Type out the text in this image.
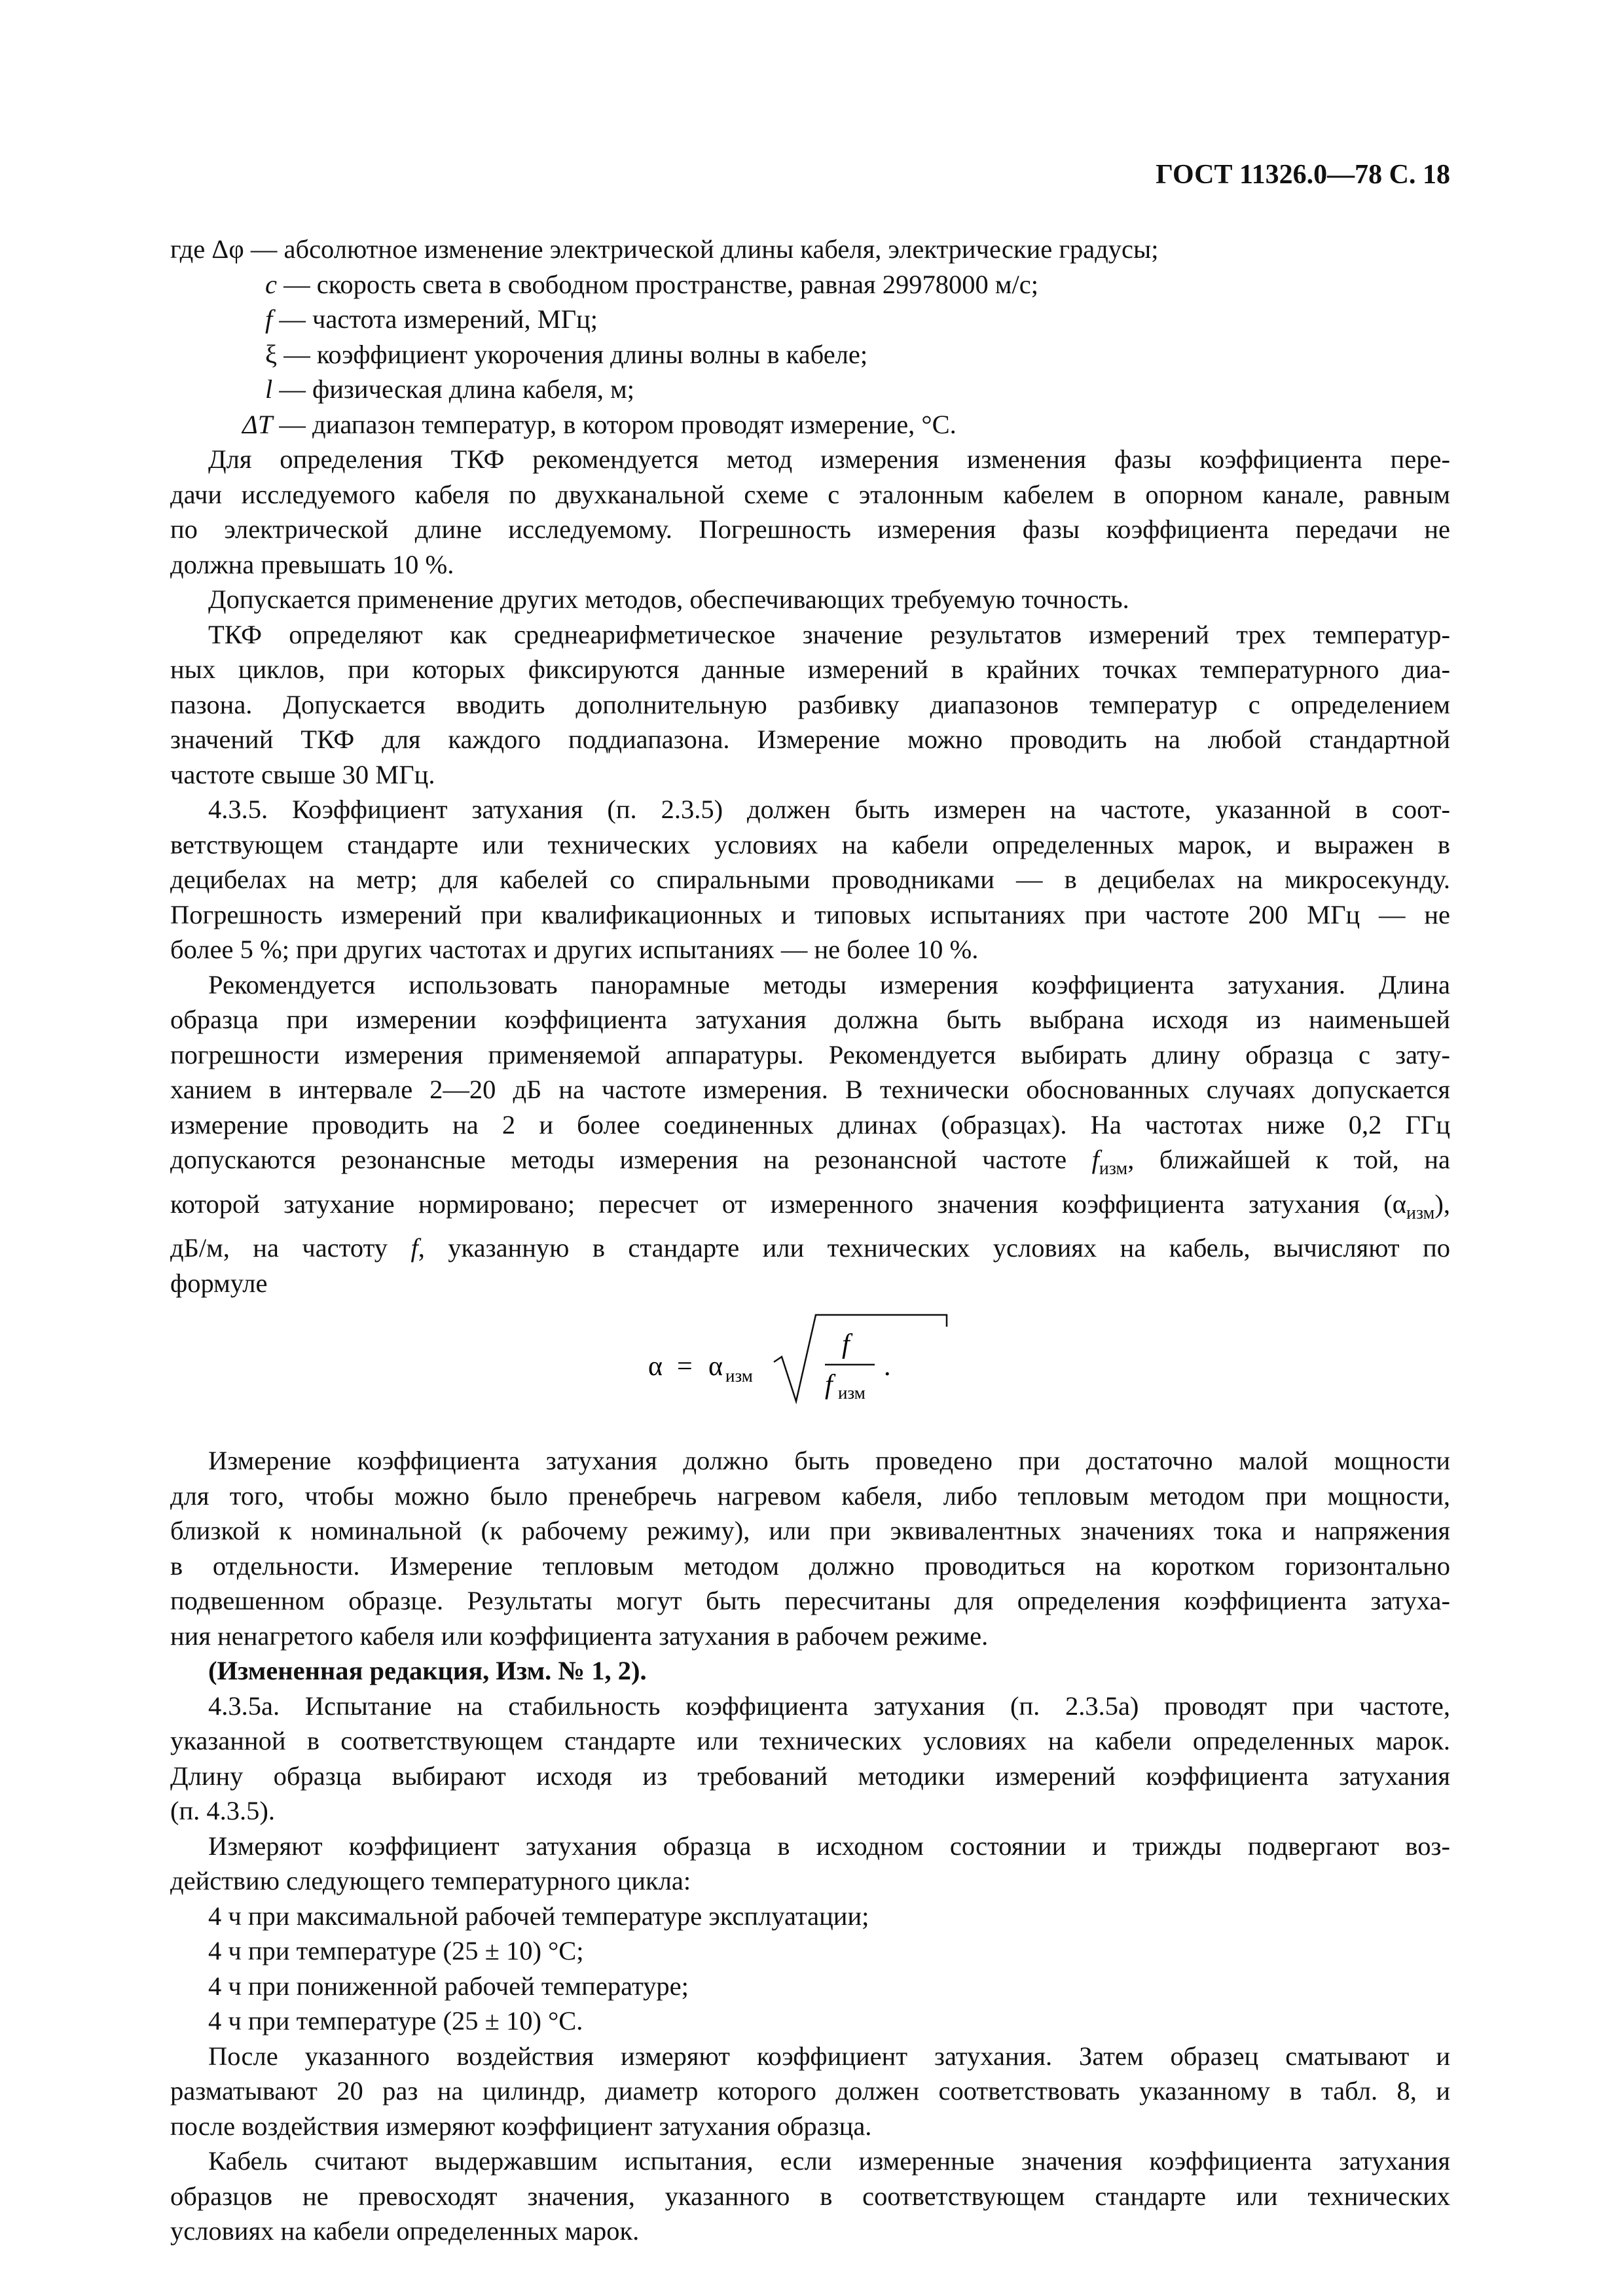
ГОСТ 11326.0—78 С. 18

где Δφ — абсолютное изменение электрической длины кабеля, электрические градусы;

c — скорость света в свободном пространстве, равная 29978000 м/с;

f — частота измерений, МГц;

ξ — коэффициент укорочения длины волны в кабеле;

l — физическая длина кабеля, м;

ΔT — диапазон температур, в котором проводят измерение, °С.

Для определения ТКФ рекомендуется метод измерения изменения фазы коэффициента пере-
дачи исследуемого кабеля по двухканальной схеме с эталонным кабелем в опорном канале, равным
по электрической длине исследуемому. Погрешность измерения фазы коэффициента передачи не
должна превышать 10 %.

Допускается применение других методов, обеспечивающих требуемую точность.

ТКФ определяют как среднеарифметическое значение результатов измерений трех температур-
ных циклов, при которых фиксируются данные измерений в крайних точках температурного диа-
пазона. Допускается вводить дополнительную разбивку диапазонов температур с определением
значений ТКФ для каждого поддиапазона. Измерение можно проводить на любой стандартной
частоте свыше 30 МГц.

4.3.5. Коэффициент затухания (п. 2.3.5) должен быть измерен на частоте, указанной в соот-
ветствующем стандарте или технических условиях на кабели определенных марок, и выражен в
децибелах на метр; для кабелей со спиральными проводниками — в децибелах на микросекунду.
Погрешность измерений при квалификационных и типовых испытаниях при частоте 200 МГц — не
более 5 %; при других частотах и других испытаниях — не более 10 %.

Рекомендуется использовать панорамные методы измерения коэффициента затухания. Длина
образца при измерении коэффициента затухания должна быть выбрана исходя из наименьшей
погрешности измерения применяемой аппаратуры. Рекомендуется выбирать длину образца с зату-
ханием в интервале 2—20 дБ на частоте измерения. В технически обоснованных случаях допускается
измерение проводить на 2 и более соединенных длинах (образцах). На частотах ниже 0,2 ГГц
допускаются резонансные методы измерения на резонансной частоте $f_{изм}$, ближайшей к той, на
которой затухание нормировано; пересчет от измеренного значения коэффициента затухания $(\alpha_{изм})$,
дБ/м, на частоту f, указанную в стандарте или технических условиях на кабель, вычисляют по
формуле

α = α изм
f
f изм
.

Измерение коэффициента затухания должно быть проведено при достаточно малой мощности
для того, чтобы можно было пренебречь нагревом кабеля, либо тепловым методом при мощности,
близкой к номинальной (к рабочему режиму), или при эквивалентных значениях тока и напряжения
в отдельности. Измерение тепловым методом должно проводиться на коротком горизонтально
подвешенном образце. Результаты могут быть пересчитаны для определения коэффициента затуха-
ния ненагретого кабеля или коэффициента затухания в рабочем режиме.

(Измененная редакция, Изм. № 1, 2).

4.3.5а. Испытание на стабильность коэффициента затухания (п. 2.3.5а) проводят при частоте,
указанной в соответствующем стандарте или технических условиях на кабели определенных марок.
Длину образца выбирают исходя из требований методики измерений коэффициента затухания
(п. 4.3.5).

Измеряют коэффициент затухания образца в исходном состоянии и трижды подвергают воз-
действию следующего температурного цикла:

4 ч при максимальной рабочей температуре эксплуатации;

4 ч при температуре (25 ± 10) °С;

4 ч при пониженной рабочей температуре;

4 ч при температуре (25 ± 10) °С.

После указанного воздействия измеряют коэффициент затухания. Затем образец сматывают и
разматывают 20 раз на цилиндр, диаметр которого должен соответствовать указанному в табл. 8, и
после воздействия измеряют коэффициент затухания образца.

Кабель считают выдержавшим испытания, если измеренные значения коэффициента затухания
образцов не превосходят значения, указанного в соответствующем стандарте или технических
условиях на кабели определенных марок.
